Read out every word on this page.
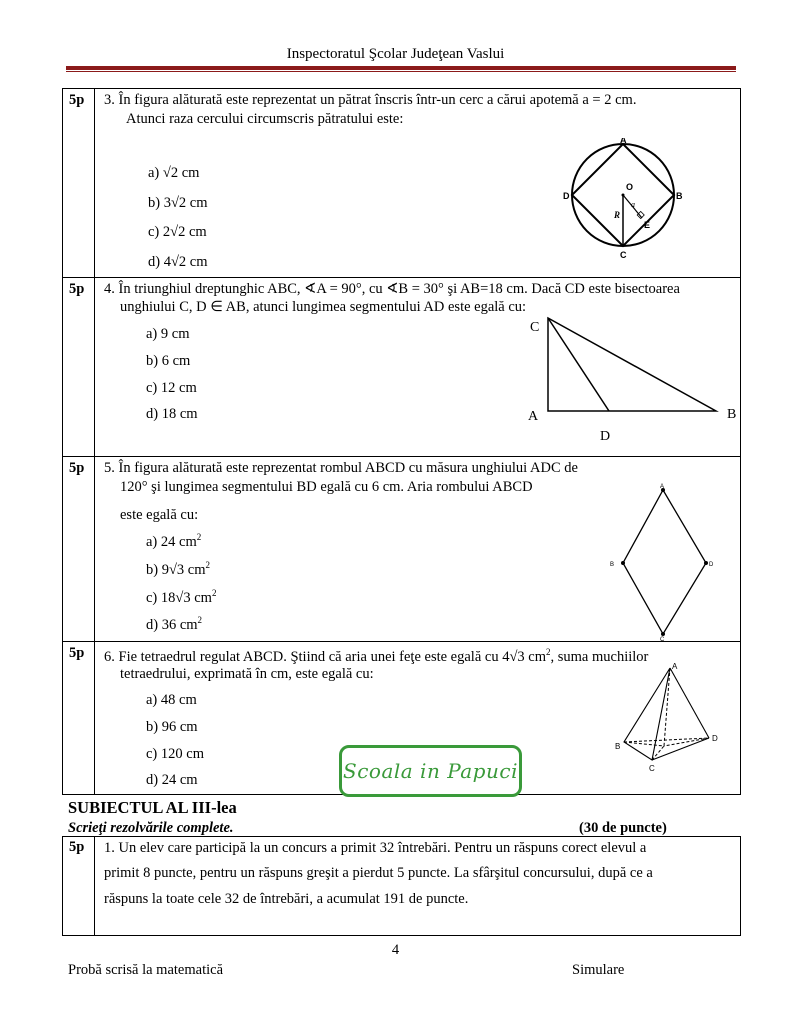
Inspectoratul Şcolar Judeţean Vaslui
5p 3. În figura alăturată este reprezentat un pătrat înscris într-un cerc a cărui apotemă a = 2 cm.
Atunci raza cercului circumscris pătratului este:
a) √2 cm
b) 3√2 cm
c) 2√2 cm
d) 4√2 cm
A
B
C
D
O
E
R
a
5p 4. În triunghiul dreptunghic ABC, ∢A = 90°, cu ∢B = 30° şi AB=18 cm. Dacă CD este bisectoarea
unghiului C, D ∈ AB, atunci lungimea segmentului AD este egală cu:
a) 9 cm
b) 6 cm
c) 12 cm
d) 18 cm
C
A	B
D
5p 5. În figura alăturată este reprezentat rombul ABCD cu măsura unghiului ADC de
120° şi lungimea segmentului BD egală cu 6 cm. Aria rombului ABCD
este egală cu:
a) 24 $cm^2$
b) 9√3 $cm^2$
c) 18√3 $cm^2$
d) 36 $cm^2$
A
D
C
B
5p 6. Fie tetraedrul regulat ABCD. Ştiind că aria unei feţe este egală cu 4√3 $cm^2$, suma muchiilor
tetraedrului, exprimată în cm, este egală cu:
a) 48 cm
b) 96 cm
c) 120 cm
d) 24 cm
A
B
C
D
Scoala in Papuci
SUBIECTUL AL III-lea
Scrieţi rezolvările complete.	(30 de puncte)
5p 1. Un elev care participă la un concurs a primit 32 întrebări. Pentru un răspuns corect elevul a
primit 8 puncte, pentru un răspuns greşit a pierdut 5 puncte. La sfârşitul concursului, după ce a
răspuns la toate cele 32 de întrebări, a acumulat 191 de puncte.
4
Probă scrisă la matematică	Simulare
